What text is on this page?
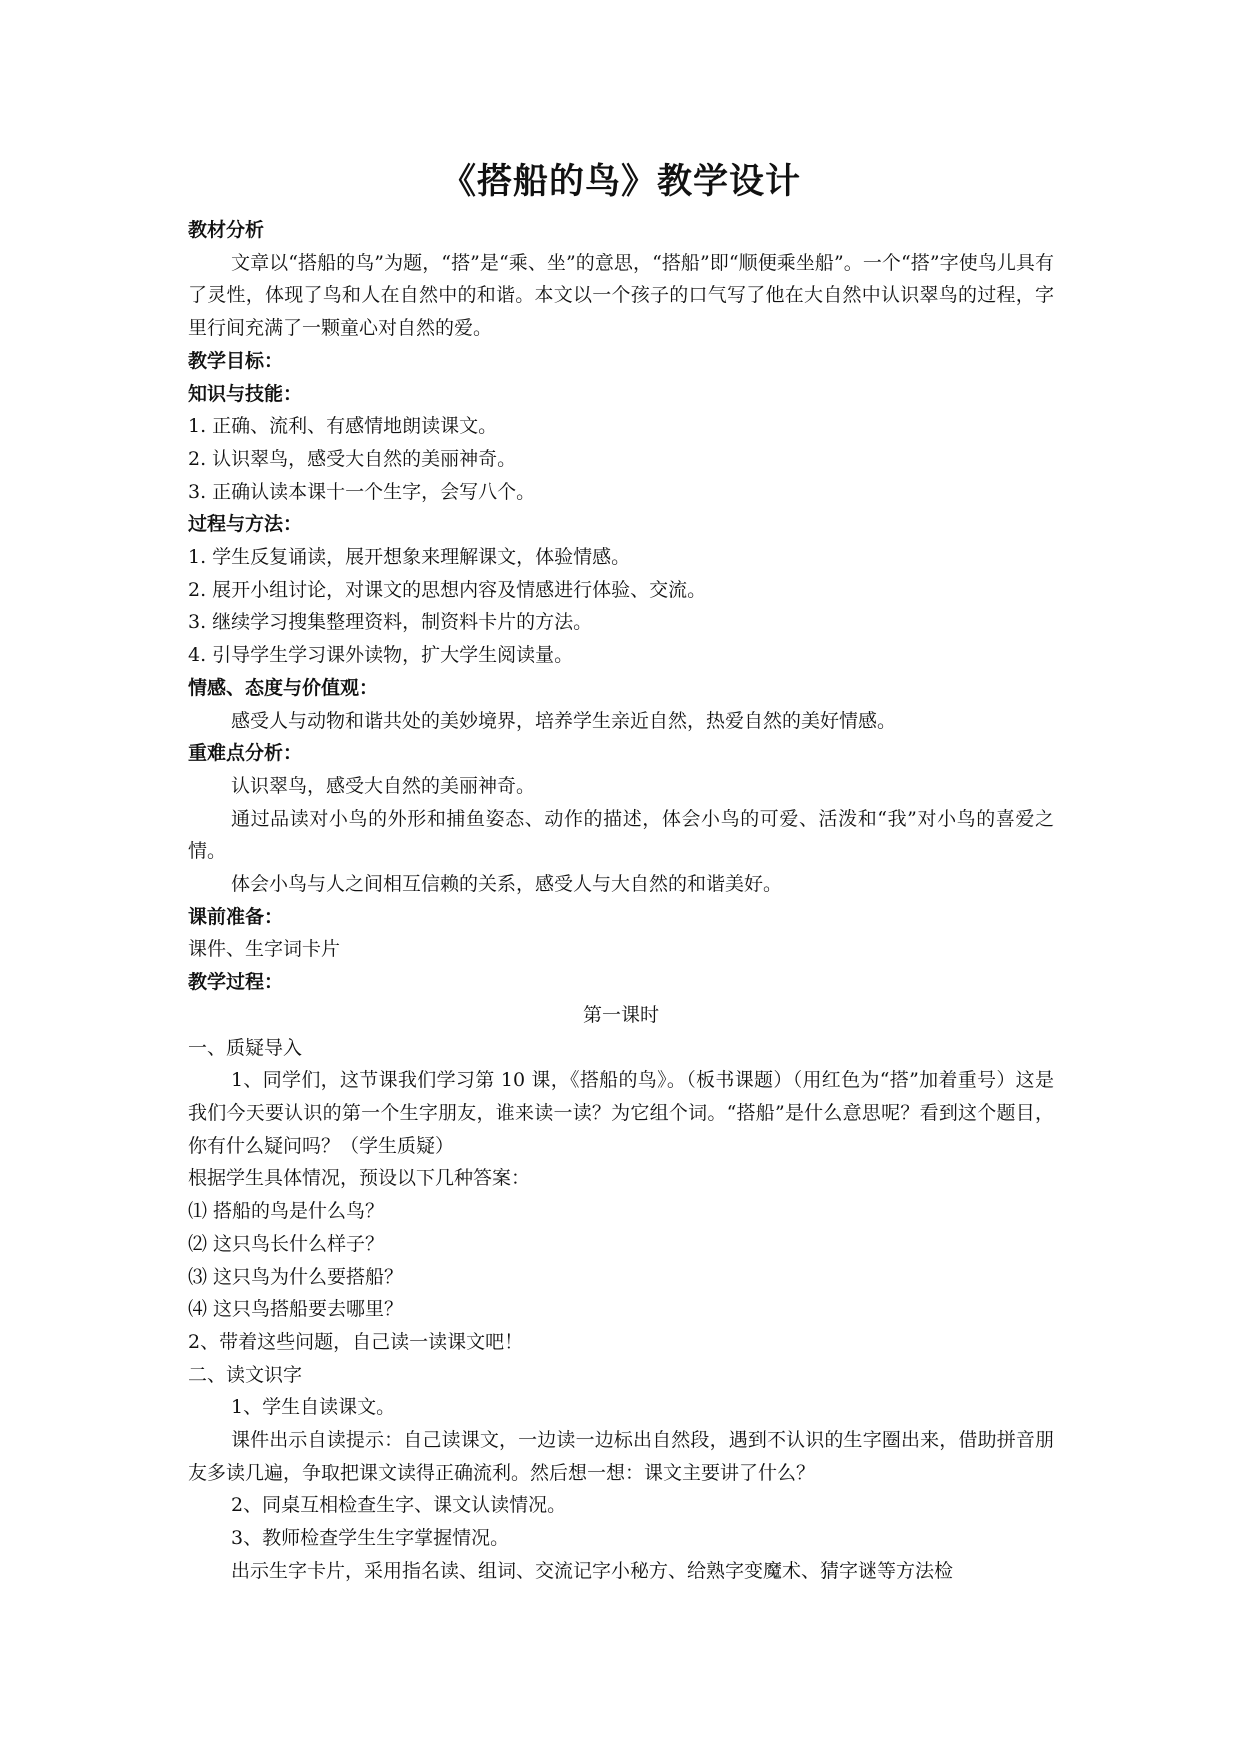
《搭船的鸟》教学设计

教材分析

文章以“搭船的鸟”为题，“搭”是“乘、坐”的意思，“搭船”即“顺便乘坐船”。一个“搭”字使鸟儿具有了灵性，体现了鸟和人在自然中的和谐。本文以一个孩子的口气写了他在大自然中认识翠鸟的过程，字里行间充满了一颗童心对自然的爱。

教学目标：

知识与技能：

1. 正确、流利、有感情地朗读课文。

2. 认识翠鸟，感受大自然的美丽神奇。

3. 正确认读本课十一个生字，会写八个。

过程与方法：

1. 学生反复诵读，展开想象来理解课文，体验情感。

2. 展开小组讨论，对课文的思想内容及情感进行体验、交流。

3. 继续学习搜集整理资料，制资料卡片的方法。

4. 引导学生学习课外读物，扩大学生阅读量。

情感、态度与价值观：

感受人与动物和谐共处的美妙境界，培养学生亲近自然，热爱自然的美好情感。

重难点分析：

认识翠鸟，感受大自然的美丽神奇。

通过品读对小鸟的外形和捕鱼姿态、动作的描述，体会小鸟的可爱、活泼和“我”对小鸟的喜爱之情。

体会小鸟与人之间相互信赖的关系，感受人与大自然的和谐美好。

课前准备：

课件、生字词卡片

教学过程：

第一课时

一、质疑导入

1、同学们，这节课我们学习第 10 课，《搭船的鸟》。（板书课题）（用红色为“搭”加着重号）这是我们今天要认识的第一个生字朋友，谁来读一读？为它组个词。“搭船”是什么意思呢？看到这个题目，你有什么疑问吗？（学生质疑）

根据学生具体情况，预设以下几种答案：

⑴ 搭船的鸟是什么鸟？

⑵ 这只鸟长什么样子？

⑶ 这只鸟为什么要搭船？

⑷ 这只鸟搭船要去哪里？

2、带着这些问题，自己读一读课文吧！

二、读文识字

1、学生自读课文。

课件出示自读提示：自己读课文，一边读一边标出自然段，遇到不认识的生字圈出来，借助拼音朋友多读几遍，争取把课文读得正确流利。然后想一想：课文主要讲了什么？

2、同桌互相检查生字、课文认读情况。

3、教师检查学生生字掌握情况。

出示生字卡片，采用指名读、组词、交流记字小秘方、给熟字变魔术、猜字谜等方法检
